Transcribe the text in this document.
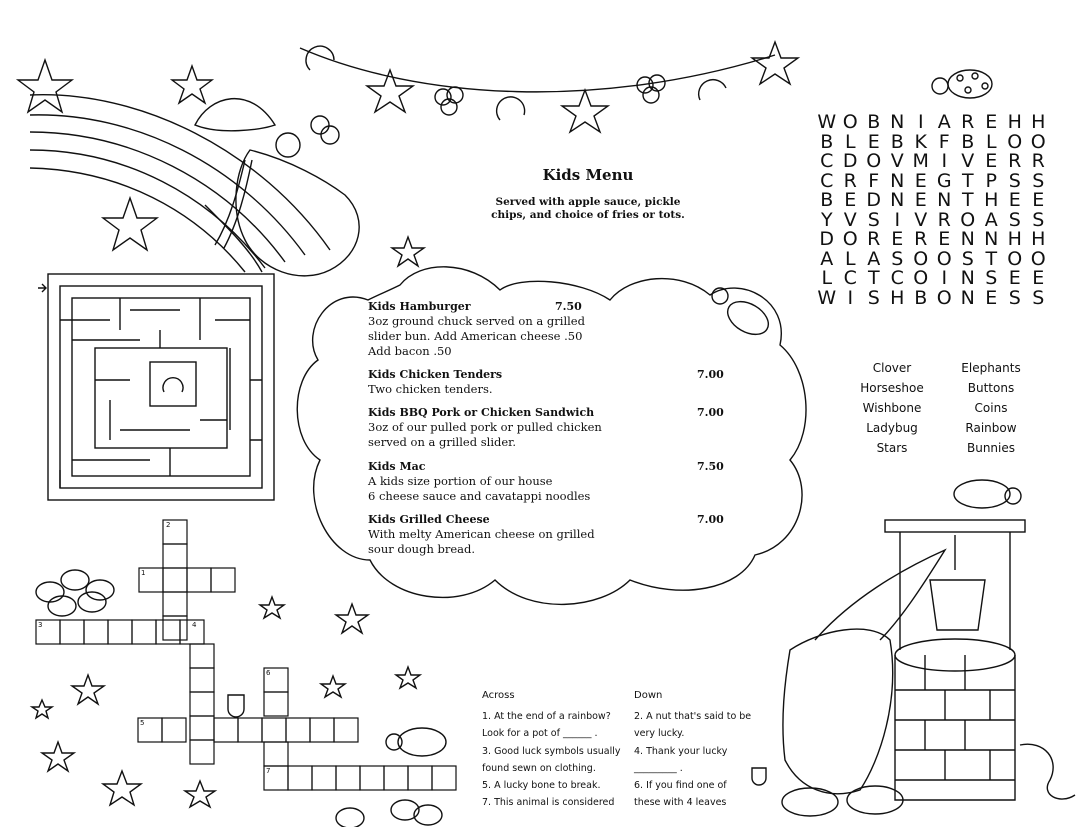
2
1
3	4
5
6
7
Kids Menu
Served with apple sauce, pickle
chips, and choice of fries or tots.
Kids Hamburger	7.50
3oz ground chuck served on a grilled
slider bun. Add American cheese .50
Add bacon .50
Kids Chicken Tenders	7.00
Two chicken tenders.
Kids BBQ Pork or Chicken Sandwich	7.00
3oz of our pulled pork or pulled chicken
served on a grilled slider.
Kids Mac	7.50
A kids size portion of our house
6 cheese sauce and cavatappi noodles
Kids Grilled Cheese	7.00
With melty American cheese on grilled
sour dough bread.
W O B N I A R E H H
B L E B K F B L O O
C D O V M I V E R R
C R F N E G T P S S
B E D N E N T H E E
Y V S I V R O A S S
D O R E R E N N H H
A L A S O O S T O O
L C T C O I N S E E
W I S H B O N E S S
Clover
Horseshoe
Wishbone
Ladybug
Stars
Elephants
Buttons
Coins
Rainbow
Bunnies
Across	Down
1. At the end of a rainbow?
Look for a pot of ______ .
3. Good luck symbols usually
found sewn on clothing.
5. A lucky bone to break.
7. This animal is considered
2. A nut that's said to be
very lucky.
4. Thank your lucky
_________ .
6. If you find one of
these with 4 leaves
